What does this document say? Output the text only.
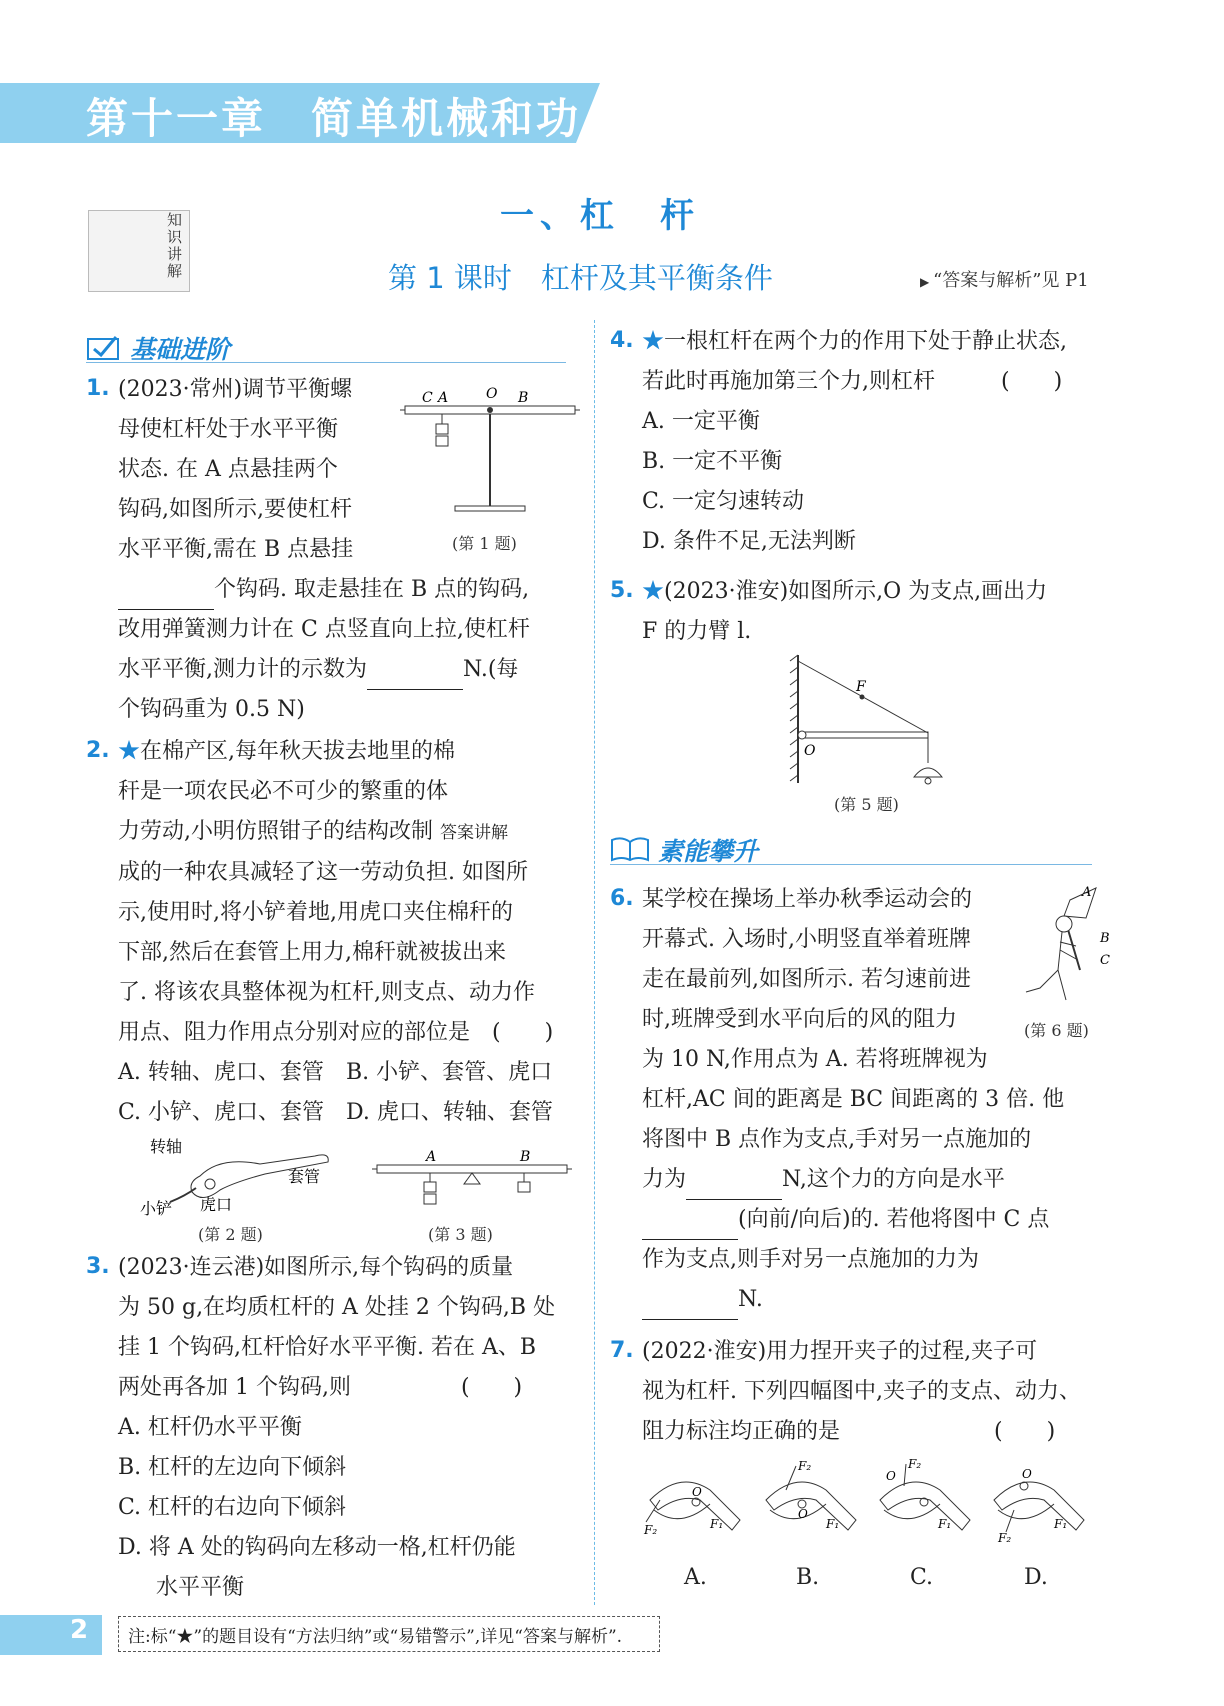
第十一章　简单机械和功
知识讲解
一、杠　杆
第 1 课时　杠杆及其平衡条件	▶ “答案与解析”见 P1
基础进阶
1. (2023·常州)调节平衡螺
母使杠杆处于水平平衡
状态. 在 A 点悬挂两个
钩码,如图所示,要使杠杆
水平平衡,需在 B 点悬挂
个钩码. 取走悬挂在 B 点的钩码,
改用弹簧测力计在 C 点竖直向上拉,使杠杆
水平平衡,测力计的示数为	N.(每
个钩码重为 0.5 N)
C A	O B
(第 1 题)
2. ★在棉产区,每年秋天拔去地里的棉
秆是一项农民必不可少的繁重的体
力劳动,小明仿照钳子的结构改制 答案讲解
成的一种农具减轻了这一劳动负担. 如图所
示,使用时,将小铲着地,用虎口夹住棉秆的
下部,然后在套管上用力,棉秆就被拔出来
了. 将该农具整体视为杠杆,则支点、动力作
用点、阻力作用点分别对应的部位是　(　　)
A. 转轴、虎口、套管 B. 小铲、套管、虎口
C. 小铲、虎口、套管 D. 虎口、转轴、套管
转轴
套管
小铲 虎口
(第 2 题)
A	B
(第 3 题)
3. (2023·连云港)如图所示,每个钩码的质量
为 50 g,在均质杠杆的 A 处挂 2 个钩码,B 处
挂 1 个钩码,杠杆恰好水平平衡. 若在 A、B
两处再各加 1 个钩码,则　　　　　(　　)
A. 杠杆仍水平平衡
B. 杠杆的左边向下倾斜
C. 杠杆的右边向下倾斜
D. 将 A 处的钩码向左移动一格,杠杆仍能
水平平衡
4. ★一根杠杆在两个力的作用下处于静止状态,
若此时再施加第三个力,则杠杆　　　(　　)
A. 一定平衡
B. 一定不平衡
C. 一定匀速转动
D. 条件不足,无法判断
5. ★(2023·淮安)如图所示,O 为支点,画出力
F 的力臂 l.
F
O
(第 5 题)
素能攀升
6. 某学校在操场上举办秋季运动会的
开幕式. 入场时,小明竖直举着班牌
走在最前列,如图所示. 若匀速前进
时,班牌受到水平向后的风的阻力
为 10 N,作用点为 A. 若将班牌视为
杠杆,AC 间的距离是 BC 间距离的 3 倍. 他
将图中 B 点作为支点,手对另一点施加的
力为	N,这个力的方向是水平
(向前/向后)的. 若他将图中 C 点
作为支点,则手对另一点施加的力为
N.
A
B
C
(第 6 题)
7. (2022·淮安)用力捏开夹子的过程,夹子可
视为杠杆. 下列四幅图中,夹子的支点、动力、
阻力标注均正确的是　　　　　　　(　　)
F₂
O
F₁
F₂
O
F₁
F₂
O
F₁
F₂
O
F₁
A.	B.	C.	D.
2 注:标“★”的题目设有“方法归纳”或“易错警示”,详见“答案与解析”.
